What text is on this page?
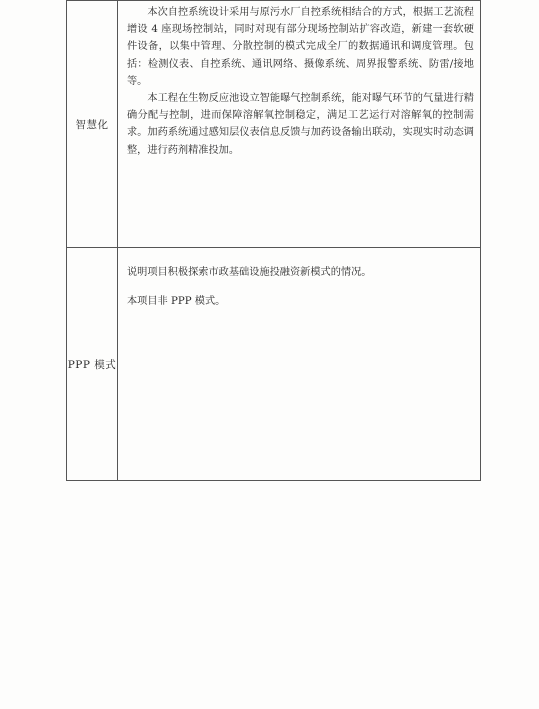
智慧化	本次自控系统设计采用与原污水厂自控系统相结合的方式，根据工艺流程增设 4 座现场控制站，同时对现有部分现场控制站扩容改造，新建一套软硬件设备，以集中管理、分散控制的模式完成全厂的数据通讯和调度管理。包括：检测仪表、自控系统、通讯网络、摄像系统、周界报警系统、防雷/接地等。

本工程在生物反应池设立智能曝气控制系统，能对曝气环节的气量进行精确分配与控制，进而保障溶解氧控制稳定，满足工艺运行对溶解氧的控制需求。加药系统通过感知层仪表信息反馈与加药设备输出联动，实现实时动态调整，进行药剂精准投加。

PPP 模式	说明项目积极探索市政基础设施投融资新模式的情况。

本项目非 PPP 模式。
